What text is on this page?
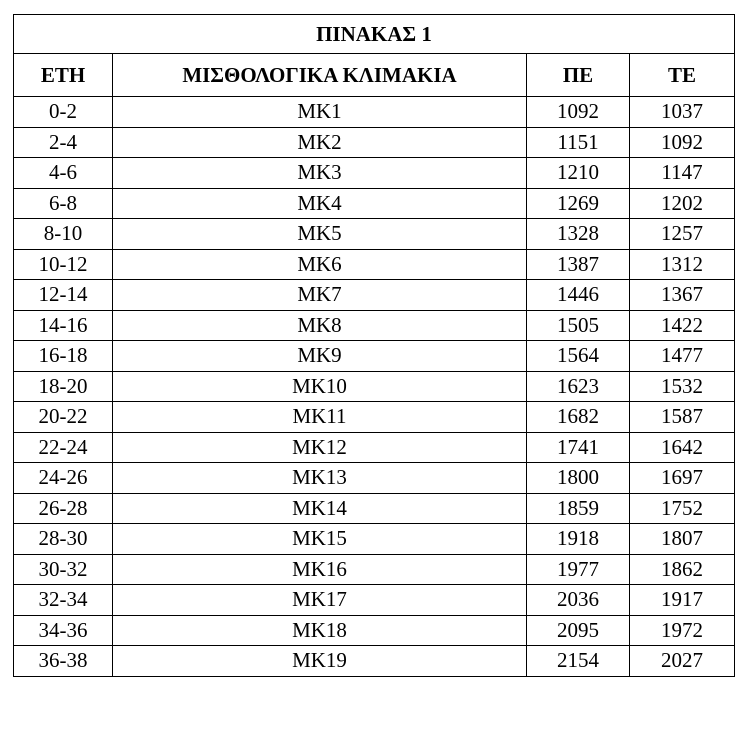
ΠΙΝΑΚΑΣ 1			
ΕΤΗ	ΜΙΣΘΟΛΟΓΙΚΑ ΚΛΙΜΑΚΙΑ	ΠΕ	ΤΕ
0-2	ΜΚ1	1092	1037
2-4	ΜΚ2	1151	1092
4-6	ΜΚ3	1210	1147
6-8	ΜΚ4	1269	1202
8-10	ΜΚ5	1328	1257
10-12	ΜΚ6	1387	1312
12-14	ΜΚ7	1446	1367
14-16	ΜΚ8	1505	1422
16-18	ΜΚ9	1564	1477
18-20	ΜΚ10	1623	1532
20-22	ΜΚ11	1682	1587
22-24	ΜΚ12	1741	1642
24-26	ΜΚ13	1800	1697
26-28	ΜΚ14	1859	1752
28-30	ΜΚ15	1918	1807
30-32	ΜΚ16	1977	1862
32-34	ΜΚ17	2036	1917
34-36	ΜΚ18	2095	1972
36-38	ΜΚ19	2154	2027
